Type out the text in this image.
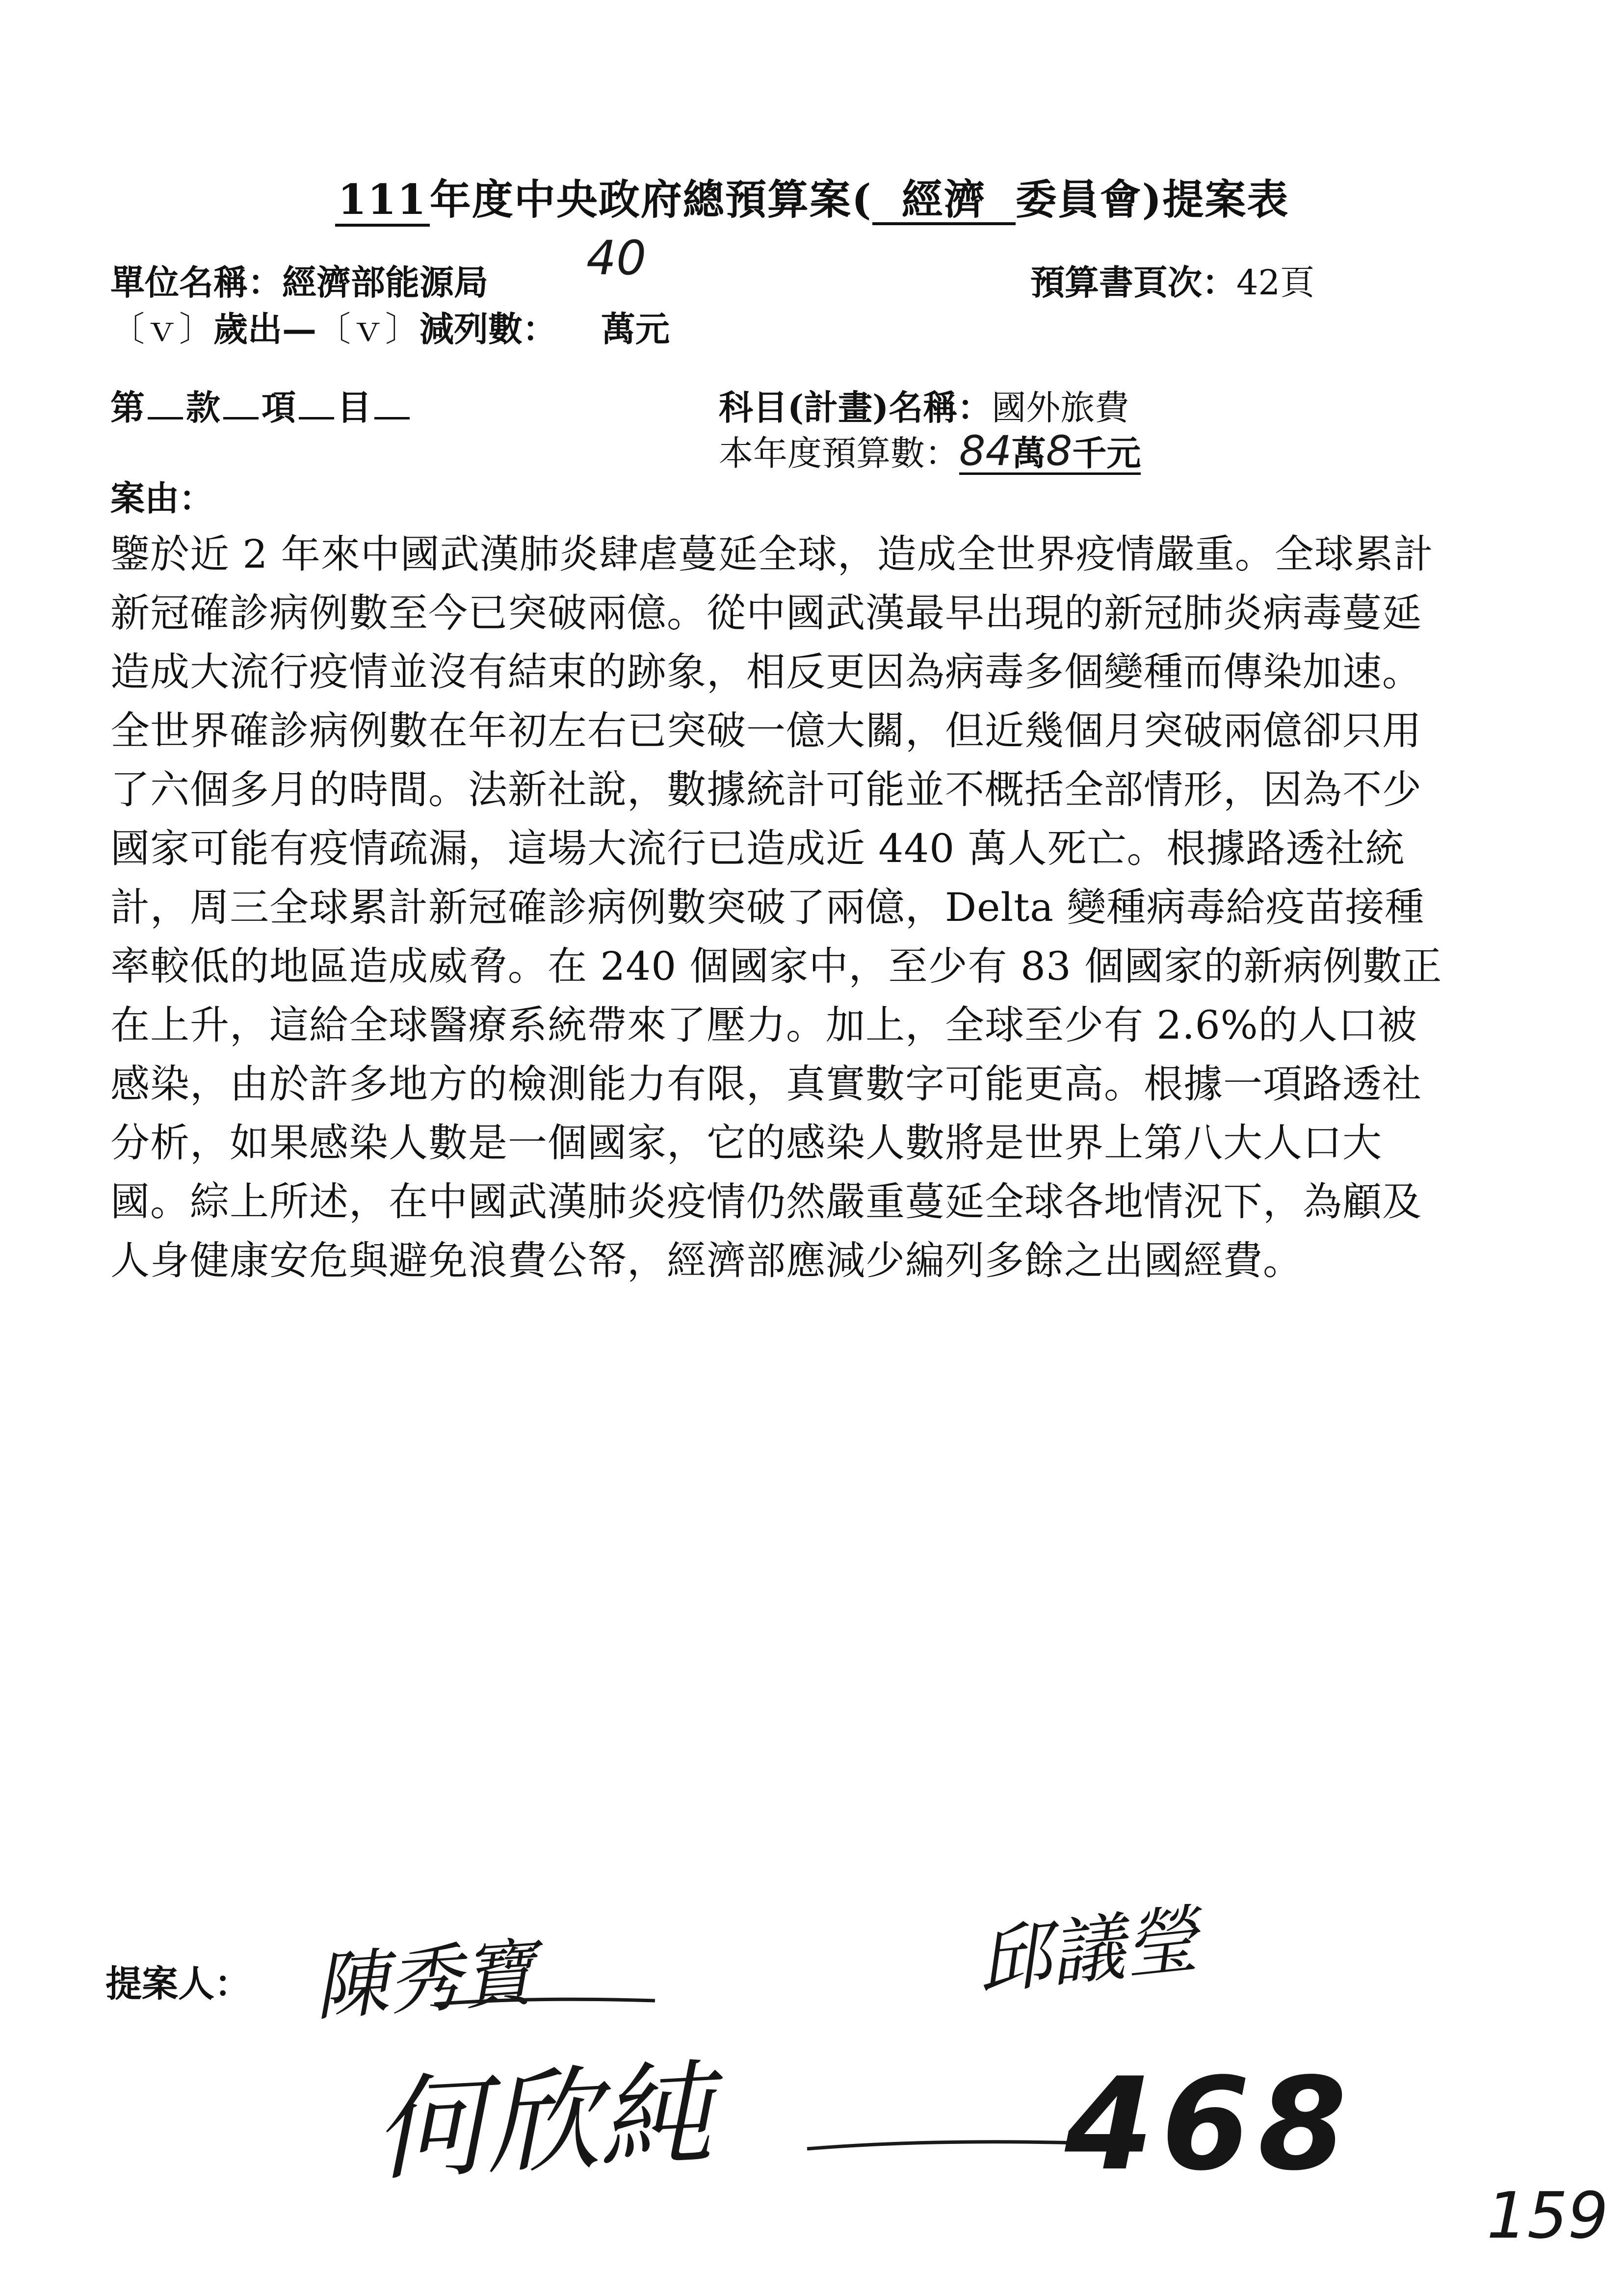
111年度中央政府總預算案( 經濟 委員會)提案表
單位名稱：經濟部能源局 40	預算書頁次：42頁
〔ｖ〕歲出—〔ｖ〕減列數： 萬元
第 款 項 目	科目(計畫)名稱：國外旅費
本年度預算數：84萬8千元
案由：
鑒於近 2 年來中國武漢肺炎肆虐蔓延全球，造成全世界疫情嚴重。全球累計
新冠確診病例數至今已突破兩億。從中國武漢最早出現的新冠肺炎病毒蔓延
造成大流行疫情並沒有結束的跡象，相反更因為病毒多個變種而傳染加速。
全世界確診病例數在年初左右已突破一億大關，但近幾個月突破兩億卻只用
了六個多月的時間。法新社說，數據統計可能並不概括全部情形，因為不少
國家可能有疫情疏漏，這場大流行已造成近 440 萬人死亡。根據路透社統
計，周三全球累計新冠確診病例數突破了兩億，Delta 變種病毒給疫苗接種
率較低的地區造成威脅。在 240 個國家中，至少有 83 個國家的新病例數正
在上升，這給全球醫療系統帶來了壓力。加上，全球至少有 2.6%的人口被
感染，由於許多地方的檢測能力有限，真實數字可能更高。根據一項路透社
分析，如果感染人數是一個國家，它的感染人數將是世界上第八大人口大
國。綜上所述，在中國武漢肺炎疫情仍然嚴重蔓延全球各地情況下，為顧及
人身健康安危與避免浪費公帑，經濟部應減少編列多餘之出國經費。
提案人： 陳秀寶	邱議瑩
何欣純	468
159
